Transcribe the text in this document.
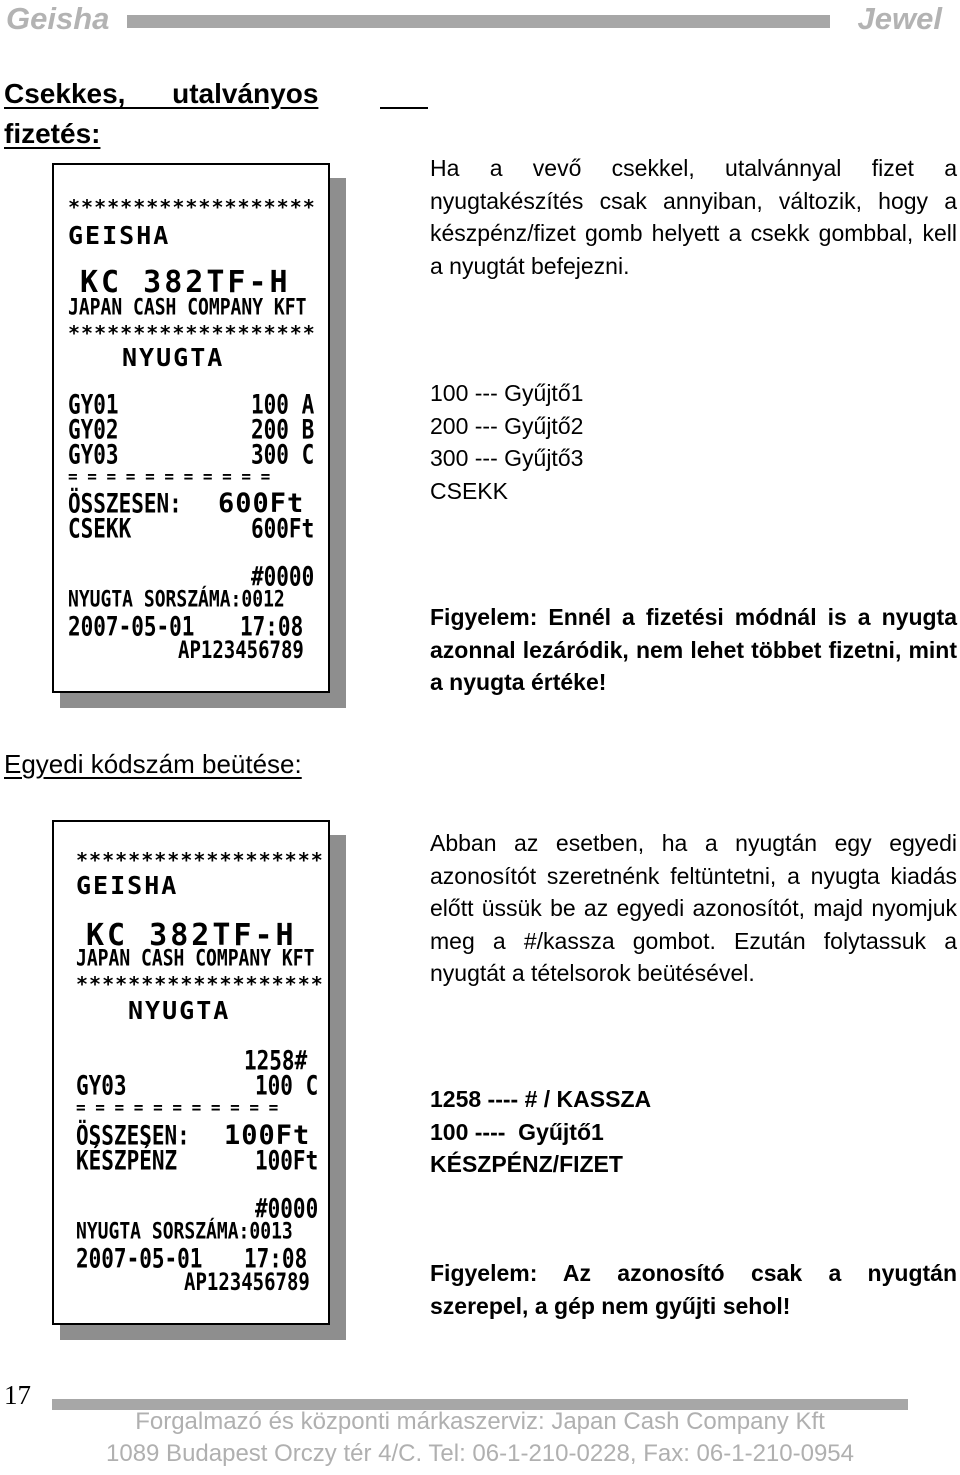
Geisha	Jewel
Csekkes,      utalványos
fizetés:
*******************
GEISHA
KC 382TF-H
JAPAN CASH COMPANY KFT
*******************
NYUGTA
GY01	100 A
GY02	200 B
GY03	300 C
= = = = = = = = = = =
ÖSSZESEN: 600Ft
CSEKK	600Ft
#0000
NYUGTA SORSZÁMA:0012
2007-05-01 17:08
AP123456789
Ha a vevő csekkel, utalvánnyal fizet a nyugtakészítés csak annyiban, változik, hogy a készpénz/fizet gomb helyett a csekk gombbal, kell a nyugtát befejezni.
100 --- Gyűjtő1
200 --- Gyűjtő2
300 --- Gyűjtő3
CSEKK
Figyelem: Ennél a fizetési módnál is a nyugta azonnal lezáródik, nem lehet többet fizetni, mint a nyugta értéke!
Egyedi kódszám beütése:
*******************
GEISHA
KC 382TF-H
JAPAN CASH COMPANY KFT
*******************
NYUGTA
1258#
GY03	100 C
= = = = = = = = = = =
ÖSSZESEN: 100Ft
KÉSZPÉNZ	100Ft
#0000
NYUGTA SORSZÁMA:0013
2007-05-01 17:08
AP123456789
Abban az esetben, ha a nyugtán egy egyedi azonosítót szeretnénk feltüntetni, a nyugta kiadás előtt üssük be az egyedi azonosítót, majd nyomjuk meg a #/kassza gombot. Ezután folytassuk a nyugtát a tételsorok beütésével.
1258 ---- # / KASSZA
100 ----  Gyűjtő1
KÉSZPÉNZ/FIZET
Figyelem: Az azonosító csak a nyugtán szerepel, a gép nem gyűjti sehol!
17
Forgalmazó és központi márkaszerviz: Japan Cash Company Kft
1089 Budapest Orczy tér 4/C. Tel: 06-1-210-0228, Fax: 06-1-210-0954
